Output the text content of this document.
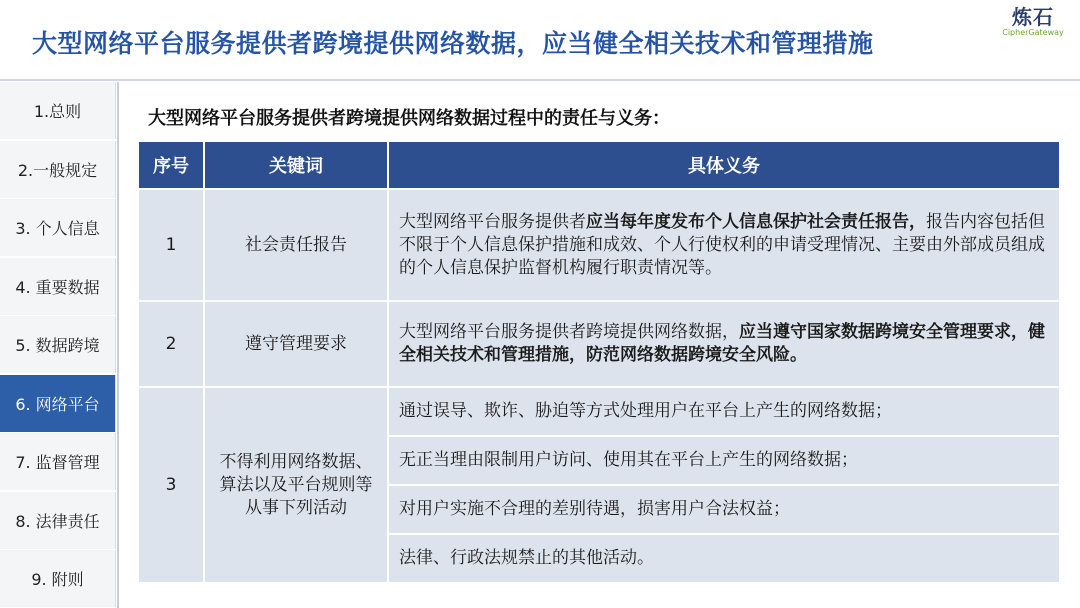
大型网络平台服务提供者跨境提供网络数据，应当健全相关技术和管理措施
炼石
CipherGateway
1.总则
2.一般规定
3. 个人信息
4. 重要数据
5. 数据跨境
6. 网络平台
7. 监督管理
8. 法律责任
9. 附则
大型网络平台服务提供者跨境提供网络数据过程中的责任与义务：
序号	关键词	具体义务
1	社会责任报告	大型网络平台服务提供者应当每年度发布个人信息保护社会责任报告，报告内容包括但不限于个人信息保护措施和成效、个人行使权利的申请受理情况、主要由外部成员组成的个人信息保护监督机构履行职责情况等。
2	遵守管理要求	大型网络平台服务提供者跨境提供网络数据，应当遵守国家数据跨境安全管理要求，健全相关技术和管理措施，防范网络数据跨境安全风险。
3	不得利用网络数据、算法以及平台规则等从事下列活动	通过误导、欺诈、胁迫等方式处理用户在平台上产生的网络数据；
		无正当理由限制用户访问、使用其在平台上产生的网络数据；
		对用户实施不合理的差别待遇，损害用户合法权益；
		法律、行政法规禁止的其他活动。
